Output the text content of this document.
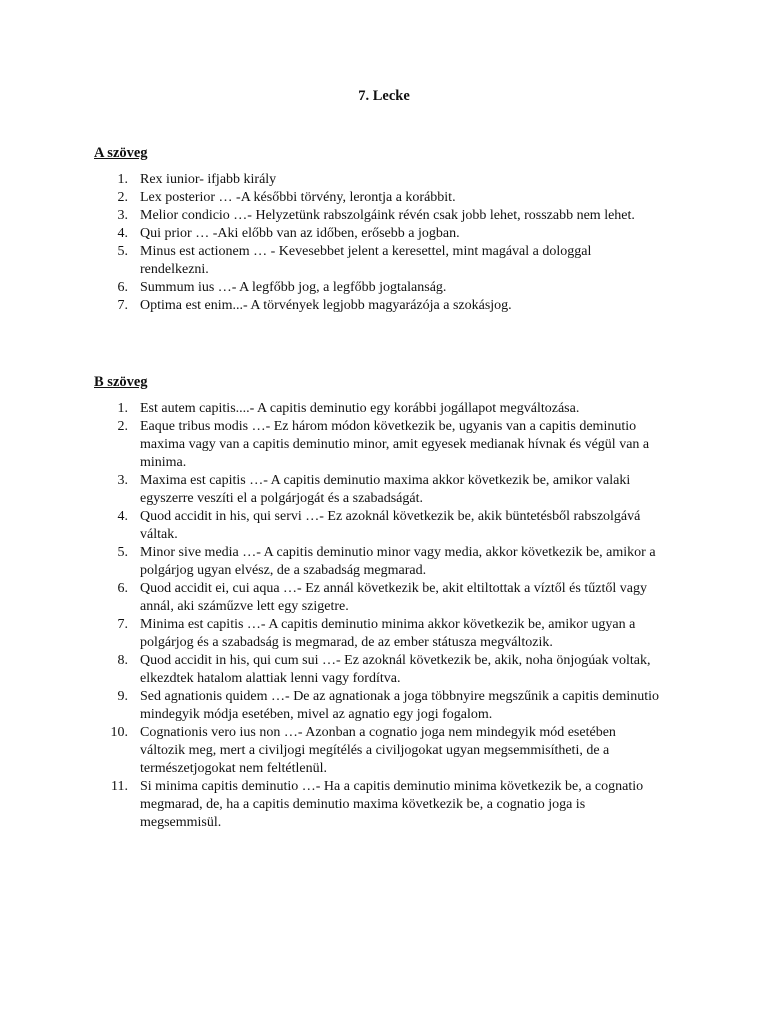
7. Lecke
A szöveg
1. Rex iunior- ifjabb király
2. Lex posterior … -A későbbi törvény, lerontja a korábbit.
3. Melior condicio …- Helyzetünk rabszolgáink révén csak jobb lehet, rosszabb nem lehet.
4. Qui prior … -Aki előbb van az időben, erősebb a jogban.
5. Minus est actionem … - Kevesebbet jelent a keresettel, mint magával a dologgal rendelkezni.
6. Summum ius …- A legfőbb jog, a legfőbb jogtalanság.
7. Optima est enim...- A törvények legjobb magyarázója a szokásjog.
B szöveg
1. Est autem capitis....- A capitis deminutio egy korábbi jogállapot megváltozása.
2. Eaque tribus modis …- Ez három módon következik be, ugyanis van a capitis deminutio maxima vagy van a capitis deminutio minor, amit egyesek medianak hívnak és végül van a minima.
3. Maxima est capitis …- A capitis deminutio maxima akkor következik be, amikor valaki egyszerre veszíti el a polgárjogát és a szabadságát.
4. Quod accidit in his, qui servi …- Ez azoknál következik be, akik büntetésből rabszolgává váltak.
5. Minor sive media …- A capitis deminutio minor vagy media, akkor következik be, amikor a polgárjog ugyan elvész, de a szabadság megmarad.
6. Quod accidit ei, cui aqua …- Ez annál következik be, akit eltiltottak a víztől és tűztől vagy annál, aki száműzve lett egy szigetre.
7. Minima est capitis …- A capitis deminutio minima akkor következik be, amikor ugyan a polgárjog és a szabadság is megmarad, de az ember státusza megváltozik.
8. Quod accidit in his, qui cum sui …- Ez azoknál következik be, akik, noha önjogúak voltak, elkezdtek hatalom alattiak lenni vagy fordítva.
9. Sed agnationis quidem …- De az agnationak a joga többnyire megszűnik a capitis deminutio mindegyik módja esetében, mivel az agnatio egy jogi fogalom.
10. Cognationis vero ius non …- Azonban a cognatio joga nem mindegyik mód esetében változik meg, mert a civiljogi megítélés a civiljogokat ugyan megsemmisítheti, de a természetjogokat nem feltétlenül.
11. Si minima capitis deminutio …- Ha a capitis deminutio minima következik be, a cognatio megmarad, de, ha a capitis deminutio maxima következik be, a cognatio joga is megsemmisül.
